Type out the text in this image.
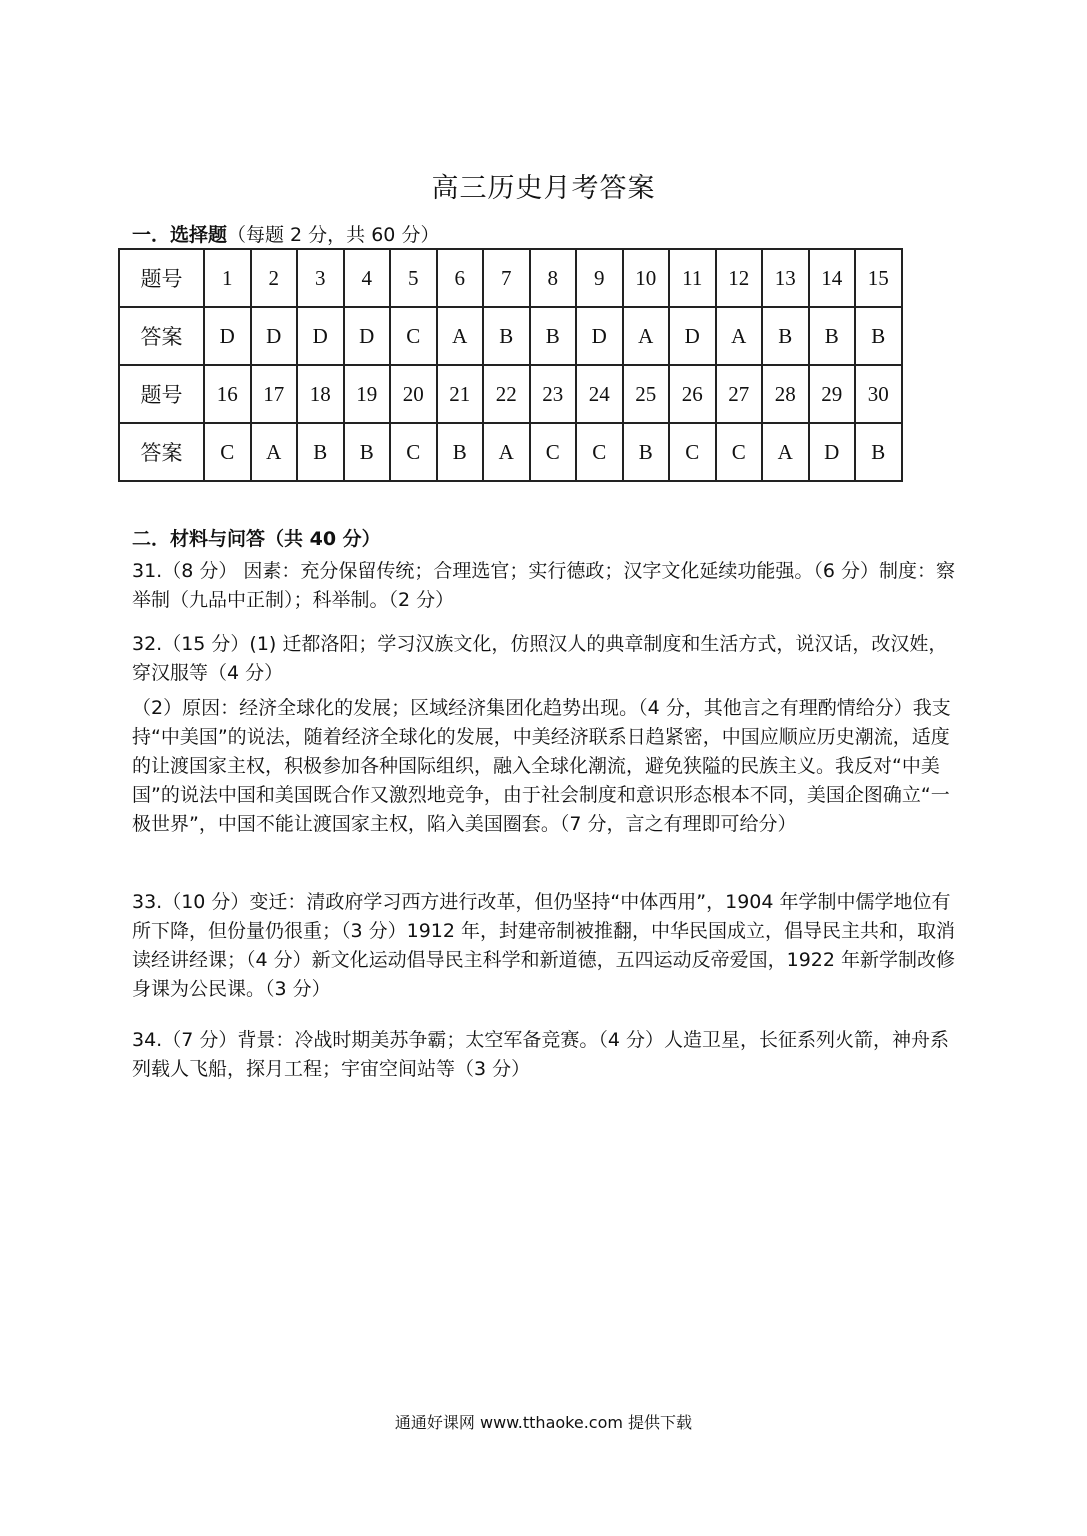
高三历史月考答案
一．选择题（每题 2 分，共 60 分）
题号	1	2	3	4	5	6	7	8	9	10	11	12	13	14	15
答案	D	D	D	D	C	A	B	B	D	A	D	A	B	B	B
题号	16	17	18	19	20	21	22	23	24	25	26	27	28	29	30
答案	C	A	B	B	C	B	A	C	C	B	C	C	A	D	B
二．材料与问答（共 40 分）
31.（8 分） 因素：充分保留传统；合理选官；实行德政；汉字文化延续功能强。（6 分）制度：察举制（九品中正制）；科举制。（2 分）
32.（15 分）(1) 迁都洛阳；学习汉族文化，仿照汉人的典章制度和生活方式，说汉话，改汉姓，穿汉服等（4 分）
（2）原因：经济全球化的发展；区域经济集团化趋势出现。（4 分，其他言之有理酌情给分）我支持“中美国”的说法，随着经济全球化的发展，中美经济联系日趋紧密，中国应顺应历史潮流，适度的让渡国家主权，积极参加各种国际组织，融入全球化潮流，避免狭隘的民族主义。我反对“中美国”的说法中国和美国既合作又激烈地竞争，由于社会制度和意识形态根本不同，美国企图确立“一极世界”，中国不能让渡国家主权，陷入美国圈套。（7 分，言之有理即可给分）
33.（10 分）变迁：清政府学习西方进行改革，但仍坚持“中体西用”，1904 年学制中儒学地位有所下降，但份量仍很重；（3 分）1912 年，封建帝制被推翻，中华民国成立，倡导民主共和，取消读经讲经课；（4 分）新文化运动倡导民主科学和新道德，五四运动反帝爱国，1922 年新学制改修身课为公民课。（3 分）
34.（7 分）背景：冷战时期美苏争霸；太空军备竞赛。（4 分）人造卫星，长征系列火箭，神舟系列载人飞船，探月工程；宇宙空间站等（3 分）
通通好课网 www.tthaoke.com 提供下载
